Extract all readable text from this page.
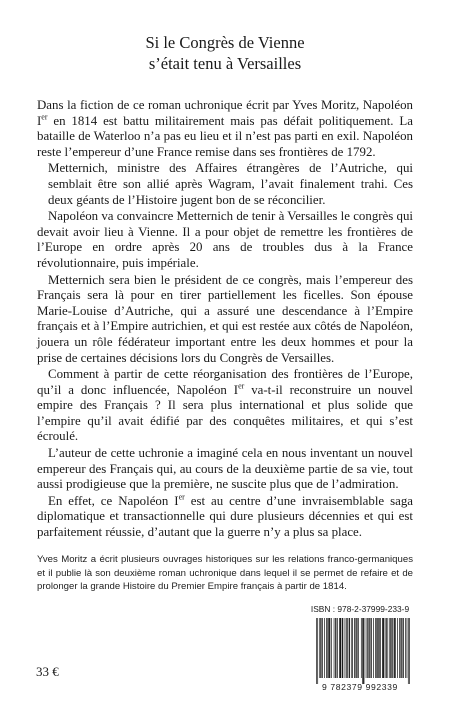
Si le Congrès de Vienne
s’était tenu à Versailles

Dans la fiction de ce roman uchronique écrit par Yves Moritz, Napoléon Ier en 1814 est battu militairement mais pas défait politiquement. La bataille de Waterloo n’a pas eu lieu et il n’est pas parti en exil. Napoléon reste l’empereur d’une France remise dans ses frontières de 1792.

Metternich, ministre des Affaires étrangères de l’Autriche, qui semblait être son allié après Wagram, l’avait finalement trahi. Ces deux géants de l’Histoire jugent bon de se réconcilier.

Napoléon va convaincre Metternich de tenir à Versailles le congrès qui devait avoir lieu à Vienne. Il a pour objet de remettre les frontières de l’Europe en ordre après 20 ans de troubles dus à la France révolutionnaire, puis impériale.

Metternich sera bien le président de ce congrès, mais l’empereur des Français sera là pour en tirer partiellement les ficelles. Son épouse Marie-Louise d’Autriche, qui a assuré une descendance à l’Empire français et à l’Empire autrichien, et qui est restée aux côtés de Napoléon, jouera un rôle fédérateur important entre les deux hommes et pour la prise de certaines décisions lors du Congrès de Versailles.

Comment à partir de cette réorganisation des frontières de l’Europe, qu’il a donc influencée, Napoléon Ier va-t-il reconstruire un nouvel empire des Français ? Il sera plus international et plus solide que l’empire qu’il avait édifié par des conquêtes militaires, et qui s’est écroulé.

L’auteur de cette uchronie a imaginé cela en nous inventant un nouvel empereur des Français qui, au cours de la deuxième partie de sa vie, tout aussi prodigieuse que la première, ne suscite plus que de l’admiration.

En effet, ce Napoléon Ier est au centre d’une invraisemblable saga diplomatique et transactionnelle qui dure plusieurs décennies et qui est parfaitement réussie, d’autant que la guerre n’y a plus sa place.

Yves Moritz a écrit plusieurs ouvrages historiques sur les relations franco-germaniques et il publie là son deuxième roman uchronique dans lequel il se permet de refaire et de prolonger la grande Histoire du Premier Empire français à partir de 1814.
ISBN : 978-2-37999-233-9
9 782379 992339
33 €
